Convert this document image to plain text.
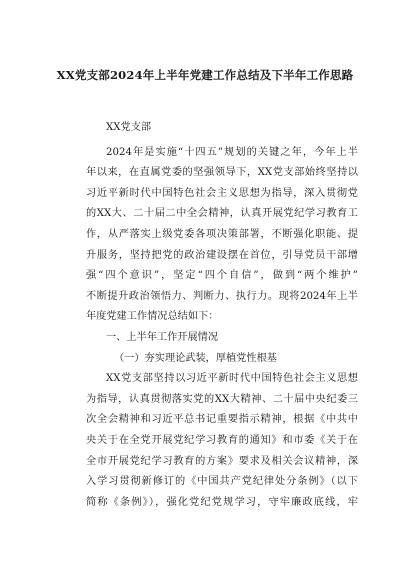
XX党支部2024年上半年党建工作总结及下半年工作思路
XX党支部
2024年是实施“十四五”规划的关键之年，今年上半
年以来，在直属党委的坚强领导下，XX党支部始终坚持以
习近平新时代中国特色社会主义思想为指导，深入贯彻党
的XX大、二十届二中全会精神，认真开展党纪学习教育工
作，从严落实上级党委各项决策部署，不断强化职能、提
升服务，坚持把党的政治建设摆在首位，引导党员干部增
强“四个意识”，坚定“四个自信”，做到“两个维护”
不断提升政治领悟力、判断力、执行力。现将2024年上半
年度党建工作情况总结如下：
一、上半年工作开展情况
（一）夯实理论武装，厚植党性根基
XX党支部坚持以习近平新时代中国特色社会主义思想
为指导，认真贯彻落实党的XX大精神、二十届中央纪委三
次全会精神和习近平总书记重要指示精神，根据《中共中
央关于在全党开展党纪学习教育的通知》和市委《关于在
全市开展党纪学习教育的方案》要求及相关会议精神，深
入学习贯彻新修订的《中国共产党纪律处分条例》（以下
简称《条例》），强化党纪党规学习，守牢廉政底线，牢
